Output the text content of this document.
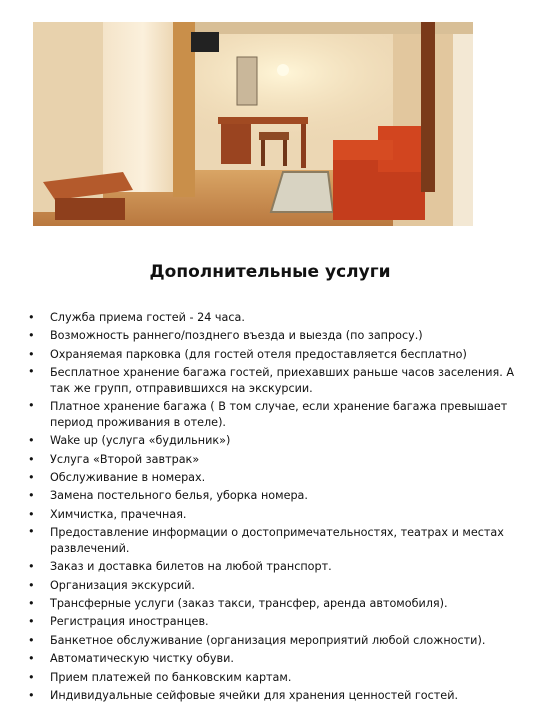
Дополнительные услуги
• Служба приема гостей - 24 часа.
• Возможность раннего/позднего въезда и выезда (по запросу.)
• Охраняемая парковка (для гостей отеля предоставляется бесплатно)
• Бесплатное хранение багажа гостей, приехавших раньше часов заселения. А так же групп, отправившихся на экскурсии.
• Платное хранение багажа ( В том случае, если хранение багажа превышает период проживания в отеле).
• Wake up (услуга «будильник»)
• Услуга «Второй завтрак»
• Обслуживание в номерах.
• Замена постельного белья, уборка номера.
• Химчистка, прачечная.
• Предоставление информации о достопримечательностях, театрах и местах развлечений.
• Заказ и доставка билетов на любой транспорт.
• Организация экскурсий.
• Трансферные услуги (заказ такси, трансфер, аренда автомобиля).
• Регистрация иностранцев.
• Банкетное обслуживание (организация мероприятий любой сложности).
• Автоматическую чистку обуви.
• Прием платежей по банковским картам.
• Индивидуальные сейфовые ячейки для хранения ценностей гостей.
